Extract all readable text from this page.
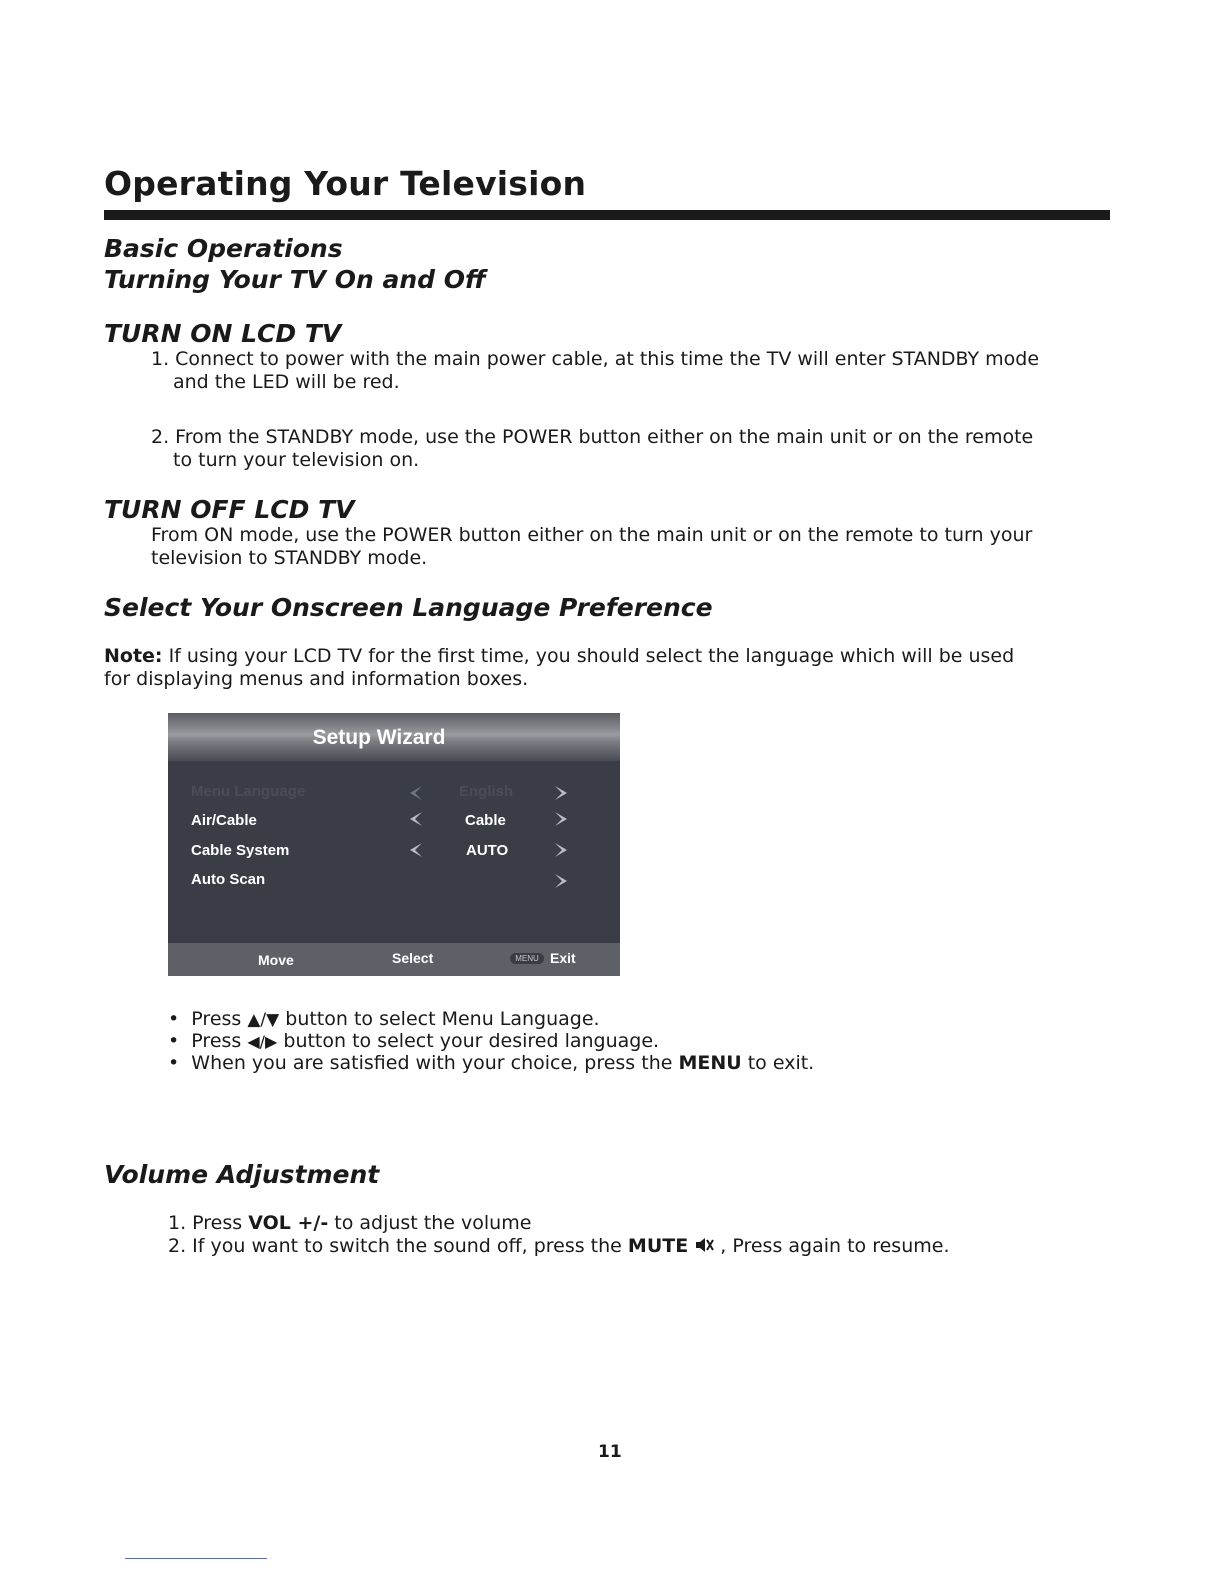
Operating Your Television
Basic Operations
Turning Your TV On and Off
TURN ON LCD TV
1. Connect to power with the main power cable, at this time the TV will enter STANDBY mode
and the LED will be red.
2. From the STANDBY mode, use the POWER button either on the main unit or on the remote
to turn your television on.
TURN OFF LCD TV
From ON mode, use the POWER button either on the main unit or on the remote to turn your
television to STANDBY mode.
Select Your Onscreen Language Preference
Note: If using your LCD TV for the first time, you should select the language which will be used
for displaying menus and information boxes.
Setup Wizard
Menu Language	English
Air/Cable	Cable
Cable System	AUTO
Auto Scan
Move	Select	MENU Exit
•  Press ▲/▼ button to select Menu Language.
•  Press ◀/▶ button to select your desired language.
•  When you are satisfied with your choice, press the MENU to exit.
Volume Adjustment
1. Press VOL +/- to adjust the volume
2. If you want to switch the sound off, press the MUTE  , Press again to resume.
11
